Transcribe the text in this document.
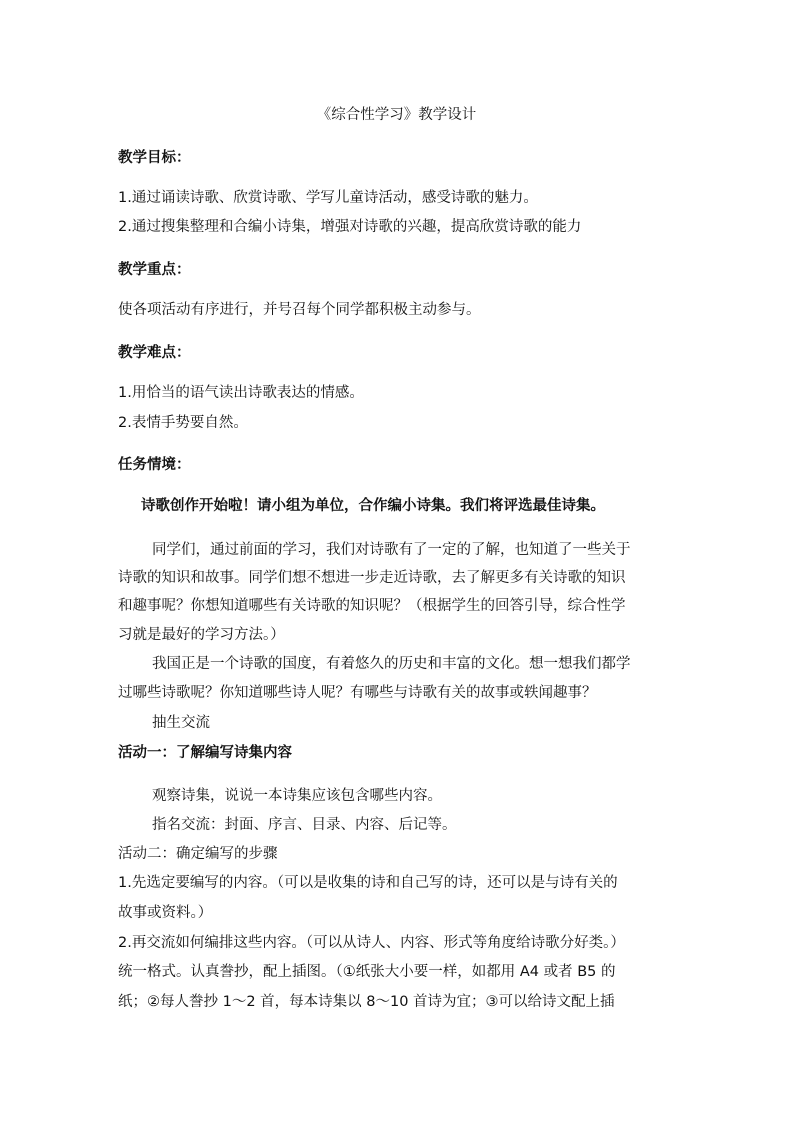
《综合性学习》教学设计
教学目标：
1.通过诵读诗歌、欣赏诗歌、学写儿童诗活动，感受诗歌的魅力。
2.通过搜集整理和合编小诗集，增强对诗歌的兴趣，提高欣赏诗歌的能力
教学重点：
使各项活动有序进行，并号召每个同学都积极主动参与。
教学难点：
1.用恰当的语气读出诗歌表达的情感。
2.表情手势要自然。
任务情境：
诗歌创作开始啦！请小组为单位，合作编小诗集。我们将评选最佳诗集。
同学们，通过前面的学习，我们对诗歌有了一定的了解，也知道了一些关于
诗歌的知识和故事。同学们想不想进一步走近诗歌，去了解更多有关诗歌的知识
和趣事呢？你想知道哪些有关诗歌的知识呢？（根据学生的回答引导，综合性学
习就是最好的学习方法。）
我国正是一个诗歌的国度，有着悠久的历史和丰富的文化。想一想我们都学
过哪些诗歌呢？你知道哪些诗人呢？有哪些与诗歌有关的故事或轶闻趣事？
抽生交流
活动一：了解编写诗集内容
观察诗集，说说一本诗集应该包含哪些内容。
指名交流：封面、序言、目录、内容、后记等。
活动二：确定编写的步骤
1.先选定要编写的内容。（可以是收集的诗和自己写的诗，还可以是与诗有关的
故事或资料。）
2.再交流如何编排这些内容。（可以从诗人、内容、形式等角度给诗歌分好类。）
统一格式。认真誊抄，配上插图。（①纸张大小要一样，如都用 A4 或者 B5 的
纸；②每人誊抄 1～2 首，每本诗集以 8～10 首诗为宜；③可以给诗文配上插
